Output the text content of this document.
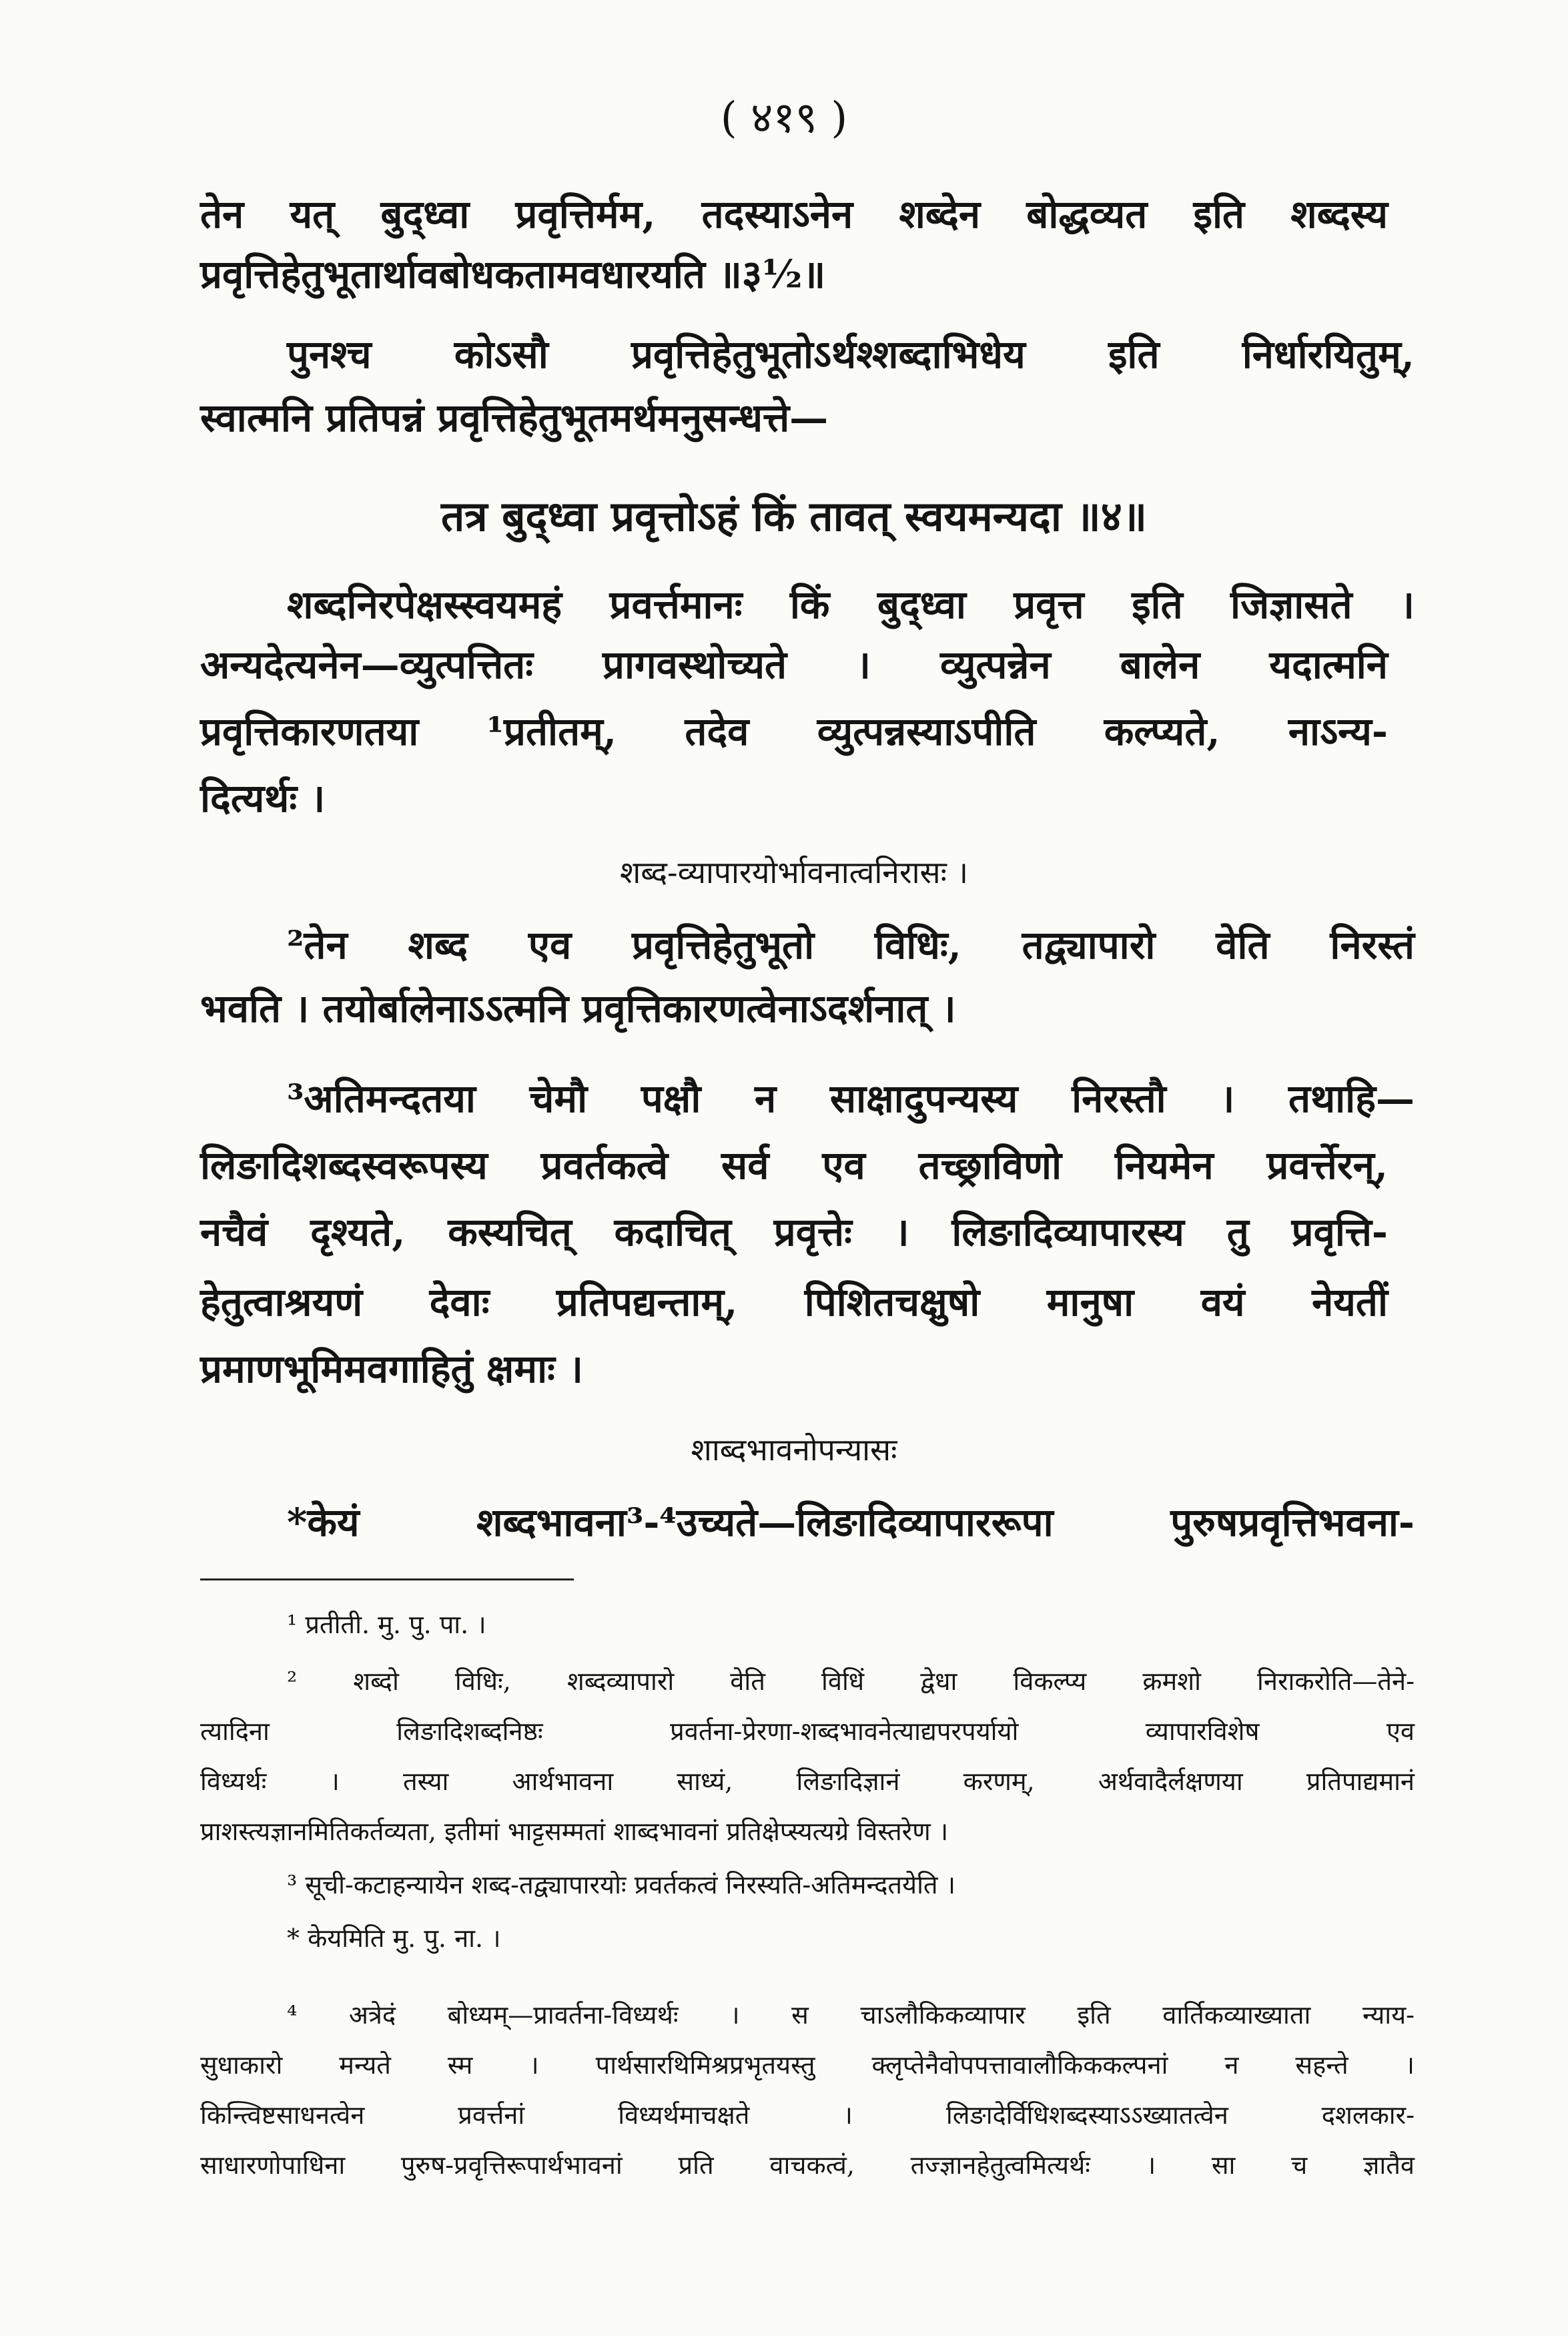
( ४१९ )
तेन यत् बुद्‌ध्वा प्रवृत्तिर्मम, तदस्याऽनेन शब्देन बोद्धव्यत इति शब्दस्य
प्रवृत्तिहेतुभूतार्थावबोधकतामवधारयति ॥३½॥
पुनश्च कोऽसौ प्रवृत्तिहेतुभूतोऽर्थश्शब्दाभिधेय इति निर्धारयितुम्,
स्वात्मनि प्रतिपन्नं प्रवृत्तिहेतुभूतमर्थमनुसन्धत्ते—
तत्र बुद्‌ध्वा प्रवृत्तोऽहं किं तावत् स्वयमन्यदा ॥४॥
शब्दनिरपेक्षस्स्वयमहं प्रवर्त्तमानः किं बुद्‌ध्वा प्रवृत्त इति जिज्ञासते ।
अन्यदेत्यनेन—व्युत्पत्तितः प्रागवस्थोच्यते । व्युत्पन्नेन बालेन यदात्मनि
प्रवृत्तिकारणतया ¹प्रतीतम्, तदेव व्युत्पन्नस्याऽपीति कल्प्यते, नाऽन्य-
दित्यर्थः ।
शब्द-व्यापारयोर्भावनात्वनिरासः ।
²तेन शब्द एव प्रवृत्तिहेतुभूतो विधिः, तद्व्यापारो वेति निरस्तं
भवति । तयोर्बालेनाऽऽत्मनि प्रवृत्तिकारणत्वेनाऽदर्शनात् ।
³अतिमन्दतया चेमौ पक्षौ न साक्षादुपन्यस्य निरस्तौ । तथाहि—
लिङादिशब्दस्वरूपस्य प्रवर्तकत्वे सर्व एव तच्छ्राविणो नियमेन प्रवर्त्तेरन्,
नचैवं दृश्यते, कस्यचित् कदाचित् प्रवृत्तेः । लिङादिव्यापारस्य तु प्रवृत्ति-
हेतुत्वाश्रयणं देवाः प्रतिपद्यन्ताम्, पिशितचक्षुषो मानुषा वयं नेयतीं
प्रमाणभूमिमवगाहितुं क्षमाः ।
शाब्दभावनोपन्यासः
*केयं शब्दभावना³-⁴उच्यते—लिङादिव्यापाररूपा पुरुषप्रवृत्तिभवना-
¹ प्रतीती. मु. पु. पा. ।
² शब्दो विधिः, शब्दव्यापारो वेति विधिं द्वेधा विकल्प्य क्रमशो निराकरोति—तेने-
त्यादिना लिङादिशब्दनिष्ठः प्रवर्तना-प्रेरणा-शब्दभावनेत्याद्यपरपर्यायो व्यापारविशेष एव
विध्यर्थः । तस्या आर्थभावना साध्यं, लिङादिज्ञानं करणम्, अर्थवादैर्लक्षणया प्रतिपाद्यमानं
प्राशस्त्यज्ञानमितिकर्तव्यता, इतीमां भाट्टसम्मतां शाब्दभावनां प्रतिक्षेप्स्यत्यग्रे विस्तरेण ।
³ सूची-कटाहन्यायेन शब्द-तद्व्यापारयोः प्रवर्तकत्वं निरस्यति-अतिमन्दतयेति ।
* केयमिति मु. पु. ना. ।
⁴ अत्रेदं बोध्यम्—प्रावर्तना-विध्यर्थः । स चाऽलौकिकव्यापार इति वार्तिकव्याख्याता न्याय-
सुधाकारो मन्यते स्म । पार्थसारथिमिश्रप्रभृतयस्तु क्लृप्तेनैवोपपत्तावालौकिककल्पनां न सहन्ते ।
किन्त्विष्टसाधनत्वेन प्रवर्त्तनां विध्यर्थमाचक्षते । लिङादेर्विधिशब्दस्याऽऽख्यातत्वेन दशलकार-
साधारणोपाधिना पुरुष-प्रवृत्तिरूपार्थभावनां प्रति वाचकत्वं, तज्ज्ञानहेतुत्वमित्यर्थः । सा च ज्ञातैव
